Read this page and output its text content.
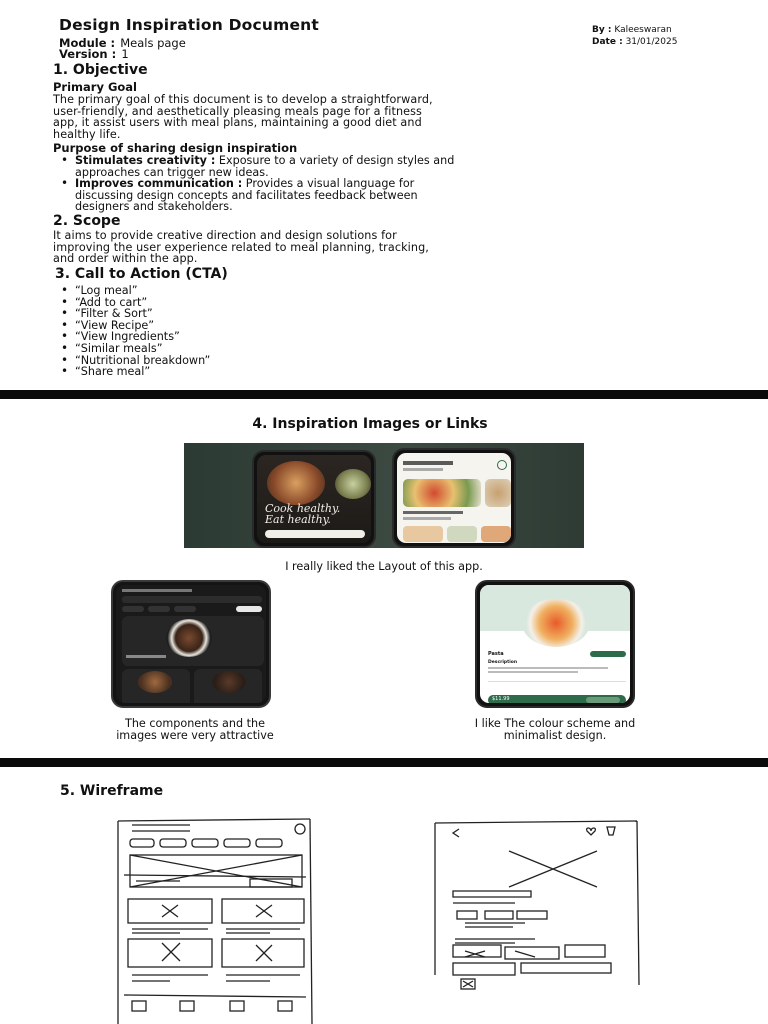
Design Inspiration Document
Module : Meals page
Version : 1
By : Kaleeswaran
Date : 31/01/2025
1. Objective
Primary Goal
The primary goal of this document is to develop a straightforward,
user-friendly, and aesthetically pleasing meals page for a fitness
app, it assist users with meal plans, maintaining a good diet and
healthy life.
Purpose of sharing design inspiration
• Stimulates creativity : Exposure to a variety of design styles and
approaches can trigger new ideas.
• Improves communication : Provides a visual language for
discussing design concepts and facilitates feedback between
designers and stakeholders.
2. Scope
It aims to provide creative direction and design solutions for
improving the user experience related to meal planning, tracking,
and order within the app.
3. Call to Action (CTA)
• “Log meal”
• “Add to cart”
• “Filter & Sort”
• “View Recipe”
• “View Ingredients”
• “Similar meals”
• “Nutritional breakdown”
• “Share meal”
4. Inspiration Images or Links
Cook healthy.
Eat healthy.
I really liked the Layout of this app.
The components and the
images were very attractive
Pasta
Description
$11.99
I like The colour scheme and
minimalist design.
5. Wireframe
